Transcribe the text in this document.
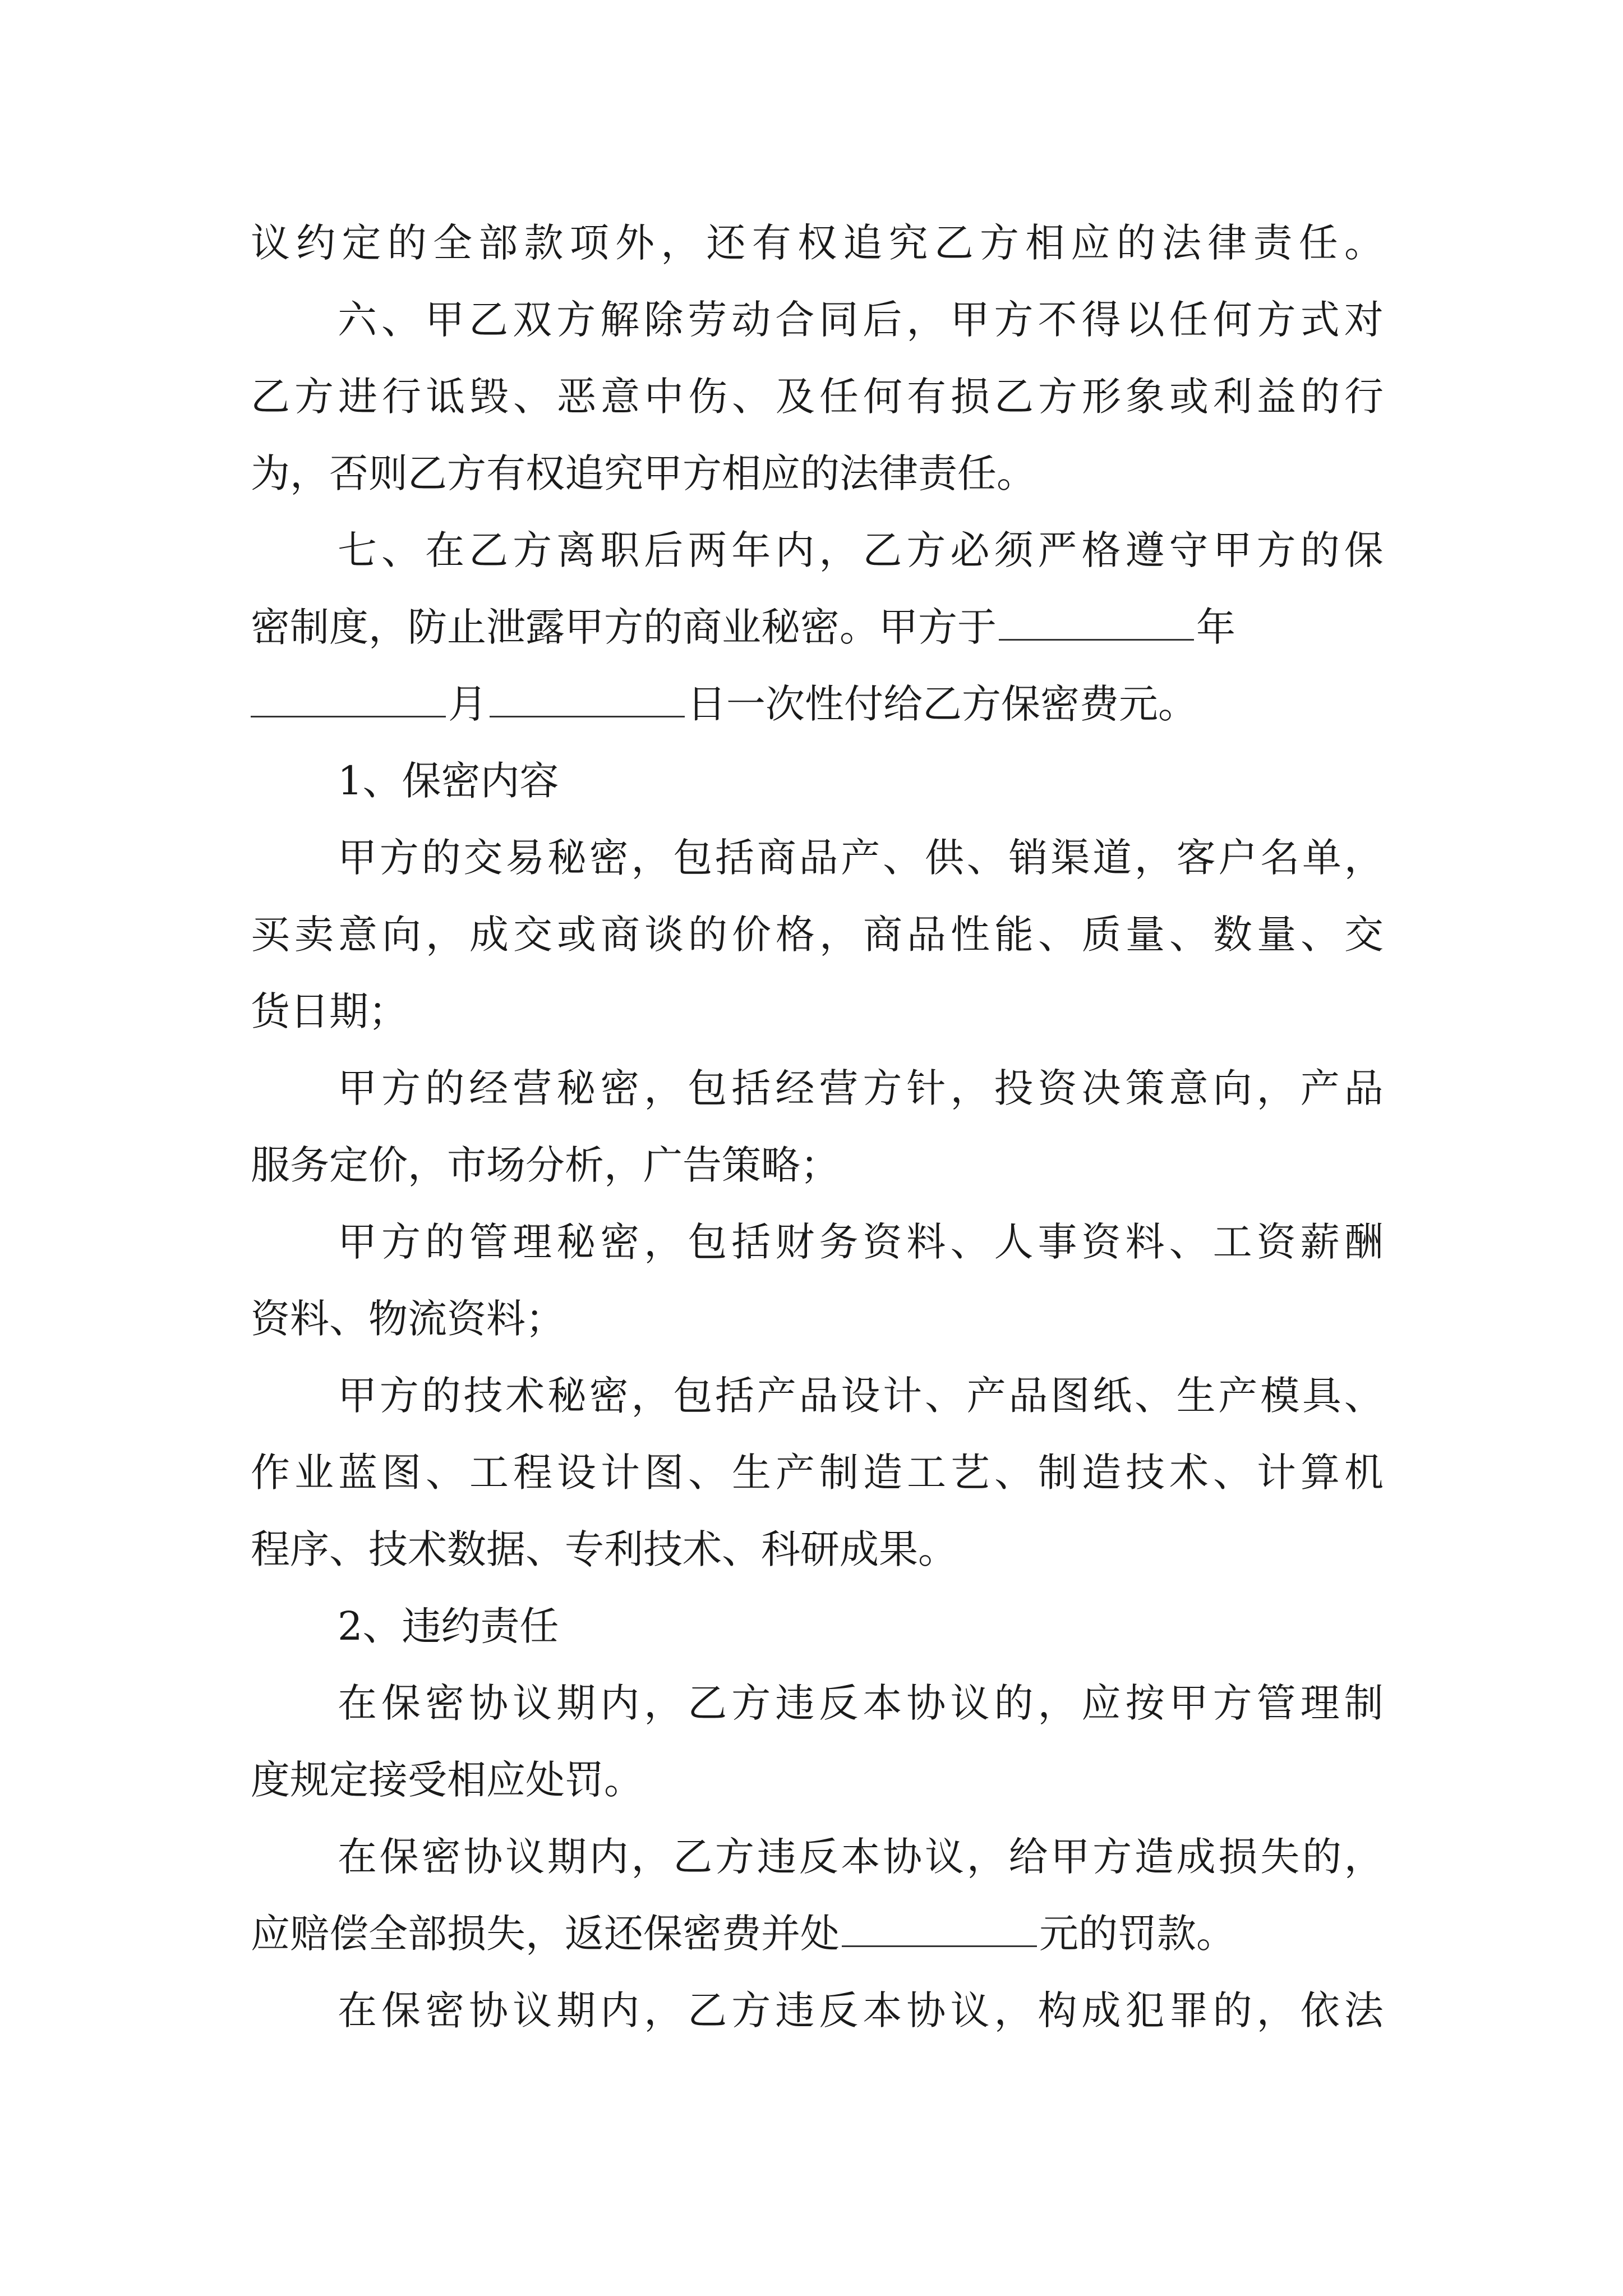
议 约 定 的 全 部 款 项 外 ， 还 有 权 追 究 乙 方 相 应 的 法 律 责 任 。
六 、 甲 乙 双 方 解 除 劳 动 合 同 后 ， 甲 方 不 得 以 任 何 方 式 对
乙 方 进 行 诋 毁 、 恶 意 中 伤 、 及 任 何 有 损 乙 方 形 象 或 利 益 的 行
为，否则乙方有权追究甲方相应的法律责任。
七 、 在 乙 方 离 职 后 两 年 内 ， 乙 方 必 须 严 格 遵 守 甲 方 的 保
密制度，防止泄露甲方的商业秘密。甲方于	年
月	日一次性付给乙方保密费元。
1、保密内容
甲 方 的 交 易 秘 密 ， 包 括 商 品 产 、 供 、 销 渠 道 ， 客 户 名 单 ，
买 卖 意 向 ， 成 交 或 商 谈 的 价 格 ， 商 品 性 能 、 质 量 、 数 量 、 交
货日期；
甲 方 的 经 营 秘 密 ， 包 括 经 营 方 针 ， 投 资 决 策 意 向 ， 产 品
服务定价，市场分析，广告策略；
甲 方 的 管 理 秘 密 ， 包 括 财 务 资 料 、 人 事 资 料 、 工 资 薪 酬
资料、物流资料；
甲 方 的 技 术 秘 密 ， 包 括 产 品 设 计 、 产 品 图 纸 、 生 产 模 具 、
作 业 蓝 图 、 工 程 设 计 图 、 生 产 制 造 工 艺 、 制 造 技 术 、 计 算 机
程序、技术数据、专利技术、科研成果。
2、违约责任
在 保 密 协 议 期 内 ， 乙 方 违 反 本 协 议 的 ， 应 按 甲 方 管 理 制
度规定接受相应处罚。
在 保 密 协 议 期 内 ， 乙 方 违 反 本 协 议 ， 给 甲 方 造 成 损 失 的 ，
应赔偿全部损失，返还保密费并处	元的罚款。
在 保 密 协 议 期 内 ， 乙 方 违 反 本 协 议 ， 构 成 犯 罪 的 ， 依 法
